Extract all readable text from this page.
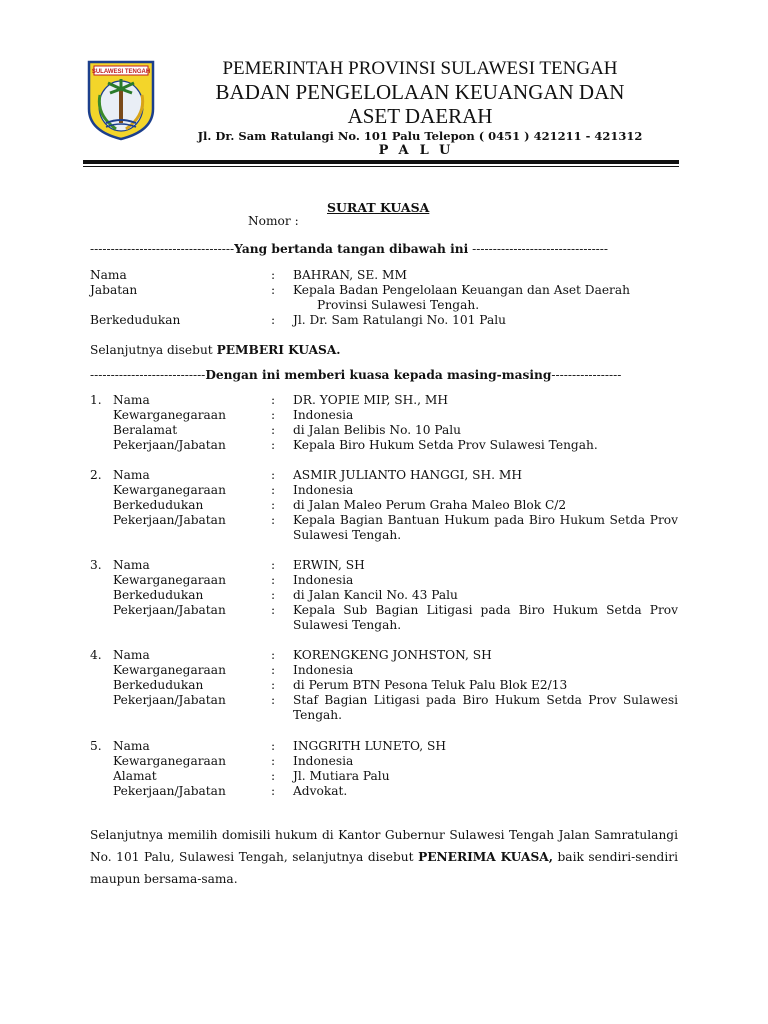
SULAWESI TENGAH	PEMERINTAH PROVINSI SULAWESI TENGAH
BADAN PENGELOLAAN KEUANGAN DAN
ASET DAERAH
Jl. Dr. Sam Ratulangi No. 101 Palu Telepon ( 0451 ) 421211 - 421312
PALU
SURAT KUASA
Nomor :
-----------------------------------Yang bertanda tangan dibawah ini ---------------------------------
Nama	: BAHRAN, SE. MM
Jabatan	: Kepala Badan Pengelolaan Keuangan dan Aset Daerah
Provinsi Sulawesi Tengah.
Berkedudukan	: Jl. Dr. Sam Ratulangi No. 101 Palu
Selanjutnya disebut PEMBERI KUASA.
----------------------------Dengan ini memberi kuasa kepada masing-masing-----------------
1. Nama	: DR. YOPIE MIP, SH., MH
Kewarganegaraan	: Indonesia
Beralamat	: di Jalan Belibis No. 10 Palu
Pekerjaan/Jabatan	: Kepala Biro Hukum Setda Prov Sulawesi Tengah.
2. Nama	: ASMIR JULIANTO HANGGI, SH. MH
Kewarganegaraan	: Indonesia
Berkedudukan	: di Jalan Maleo Perum Graha Maleo Blok C/2
Pekerjaan/Jabatan	: Kepala Bagian Bantuan Hukum pada Biro Hukum Setda Prov Sulawesi Tengah.
3. Nama	: ERWIN, SH
Kewarganegaraan	: Indonesia
Berkedudukan	: di Jalan Kancil No. 43 Palu
Pekerjaan/Jabatan	: Kepala Sub Bagian Litigasi pada Biro Hukum Setda Prov Sulawesi Tengah.
4. Nama	: KORENGKENG JONHSTON, SH
Kewarganegaraan	: Indonesia
Berkedudukan	: di Perum BTN Pesona Teluk Palu Blok E2/13
Pekerjaan/Jabatan	: Staf Bagian Litigasi pada Biro Hukum Setda Prov Sulawesi Tengah.
5. Nama	: INGGRITH LUNETO, SH
Kewarganegaraan	: Indonesia
Alamat	: Jl. Mutiara Palu
Pekerjaan/Jabatan	: Advokat.
Selanjutnya memilih domisili hukum di Kantor Gubernur Sulawesi Tengah Jalan Samratulangi No. 101 Palu, Sulawesi Tengah, selanjutnya disebut PENERIMA KUASA, baik sendiri-sendiri maupun bersama-sama.
